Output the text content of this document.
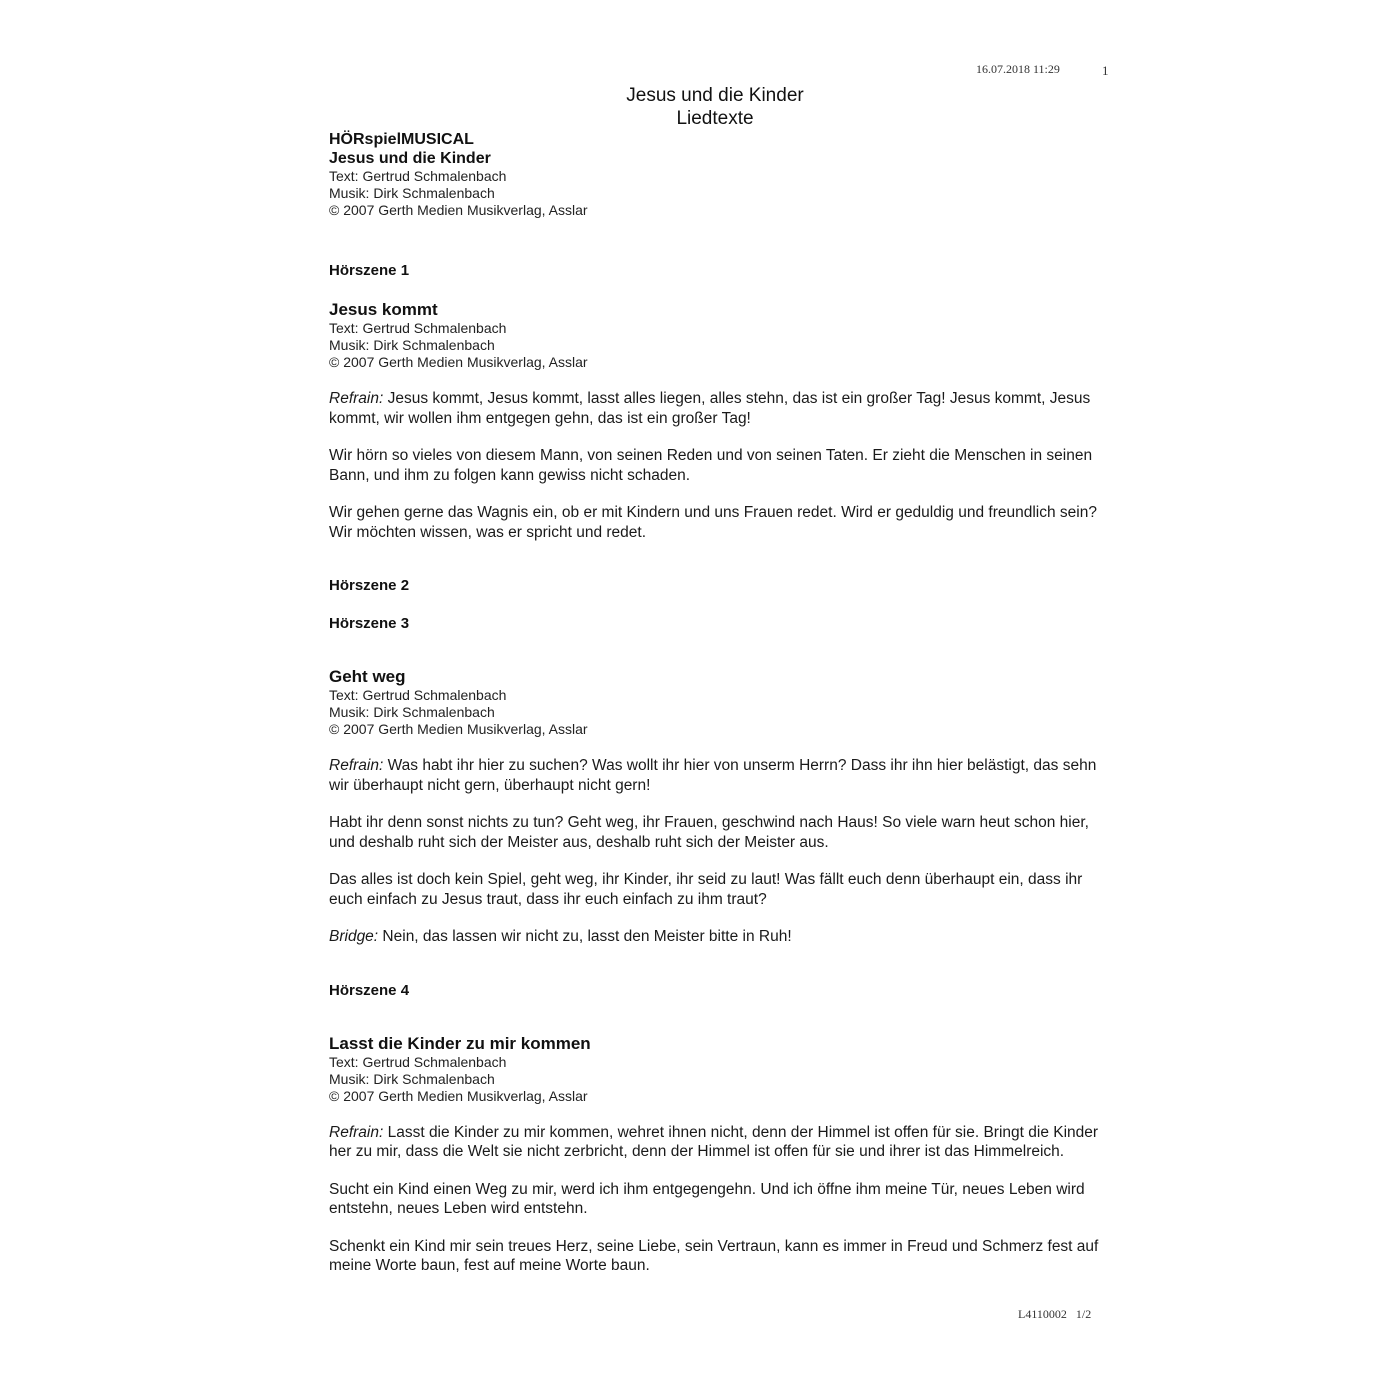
16.07.2018 11:29	1
Jesus und die Kinder
Liedtexte

HÖRspielMUSICAL

Jesus und die Kinder

Text: Gertrud Schmalenbach

Musik: Dirk Schmalenbach

© 2007 Gerth Medien Musikverlag, Asslar

Hörszene 1

Jesus kommt

Text: Gertrud Schmalenbach

Musik: Dirk Schmalenbach

© 2007 Gerth Medien Musikverlag, Asslar

Refrain: Jesus kommt, Jesus kommt, lasst alles liegen, alles stehn, das ist ein großer Tag! Jesus kommt, Jesus kommt, wir wollen ihm entgegen gehn, das ist ein großer Tag!

Wir hörn so vieles von diesem Mann, von seinen Reden und von seinen Taten. Er zieht die Menschen in seinen Bann, und ihm zu folgen kann gewiss nicht schaden.

Wir gehen gerne das Wagnis ein, ob er mit Kindern und uns Frauen redet. Wird er geduldig und freundlich sein? Wir möchten wissen, was er spricht und redet.

Hörszene 2

Hörszene 3

Geht weg

Text: Gertrud Schmalenbach

Musik: Dirk Schmalenbach

© 2007 Gerth Medien Musikverlag, Asslar

Refrain: Was habt ihr hier zu suchen? Was wollt ihr hier von unserm Herrn? Dass ihr ihn hier belästigt, das sehn wir überhaupt nicht gern, überhaupt nicht gern!

Habt ihr denn sonst nichts zu tun? Geht weg, ihr Frauen, geschwind nach Haus! So viele warn heut schon hier, und deshalb ruht sich der Meister aus, deshalb ruht sich der Meister aus.

Das alles ist doch kein Spiel, geht weg, ihr Kinder, ihr seid zu laut! Was fällt euch denn überhaupt ein, dass ihr euch einfach zu Jesus traut, dass ihr euch einfach zu ihm traut?

Bridge: Nein, das lassen wir nicht zu, lasst den Meister bitte in Ruh!

Hörszene 4

Lasst die Kinder zu mir kommen

Text: Gertrud Schmalenbach

Musik: Dirk Schmalenbach

© 2007 Gerth Medien Musikverlag, Asslar

Refrain: Lasst die Kinder zu mir kommen, wehret ihnen nicht, denn der Himmel ist offen für sie. Bringt die Kinder her zu mir, dass die Welt sie nicht zerbricht, denn der Himmel ist offen für sie und ihrer ist das Himmelreich.

Sucht ein Kind einen Weg zu mir, werd ich ihm entgegengehn. Und ich öffne ihm meine Tür, neues Leben wird entstehn, neues Leben wird entstehn.

Schenkt ein Kind mir sein treues Herz, seine Liebe, sein Vertraun, kann es immer in Freud und Schmerz fest auf meine Worte baun, fest auf meine Worte baun.

L4110002 1/2
